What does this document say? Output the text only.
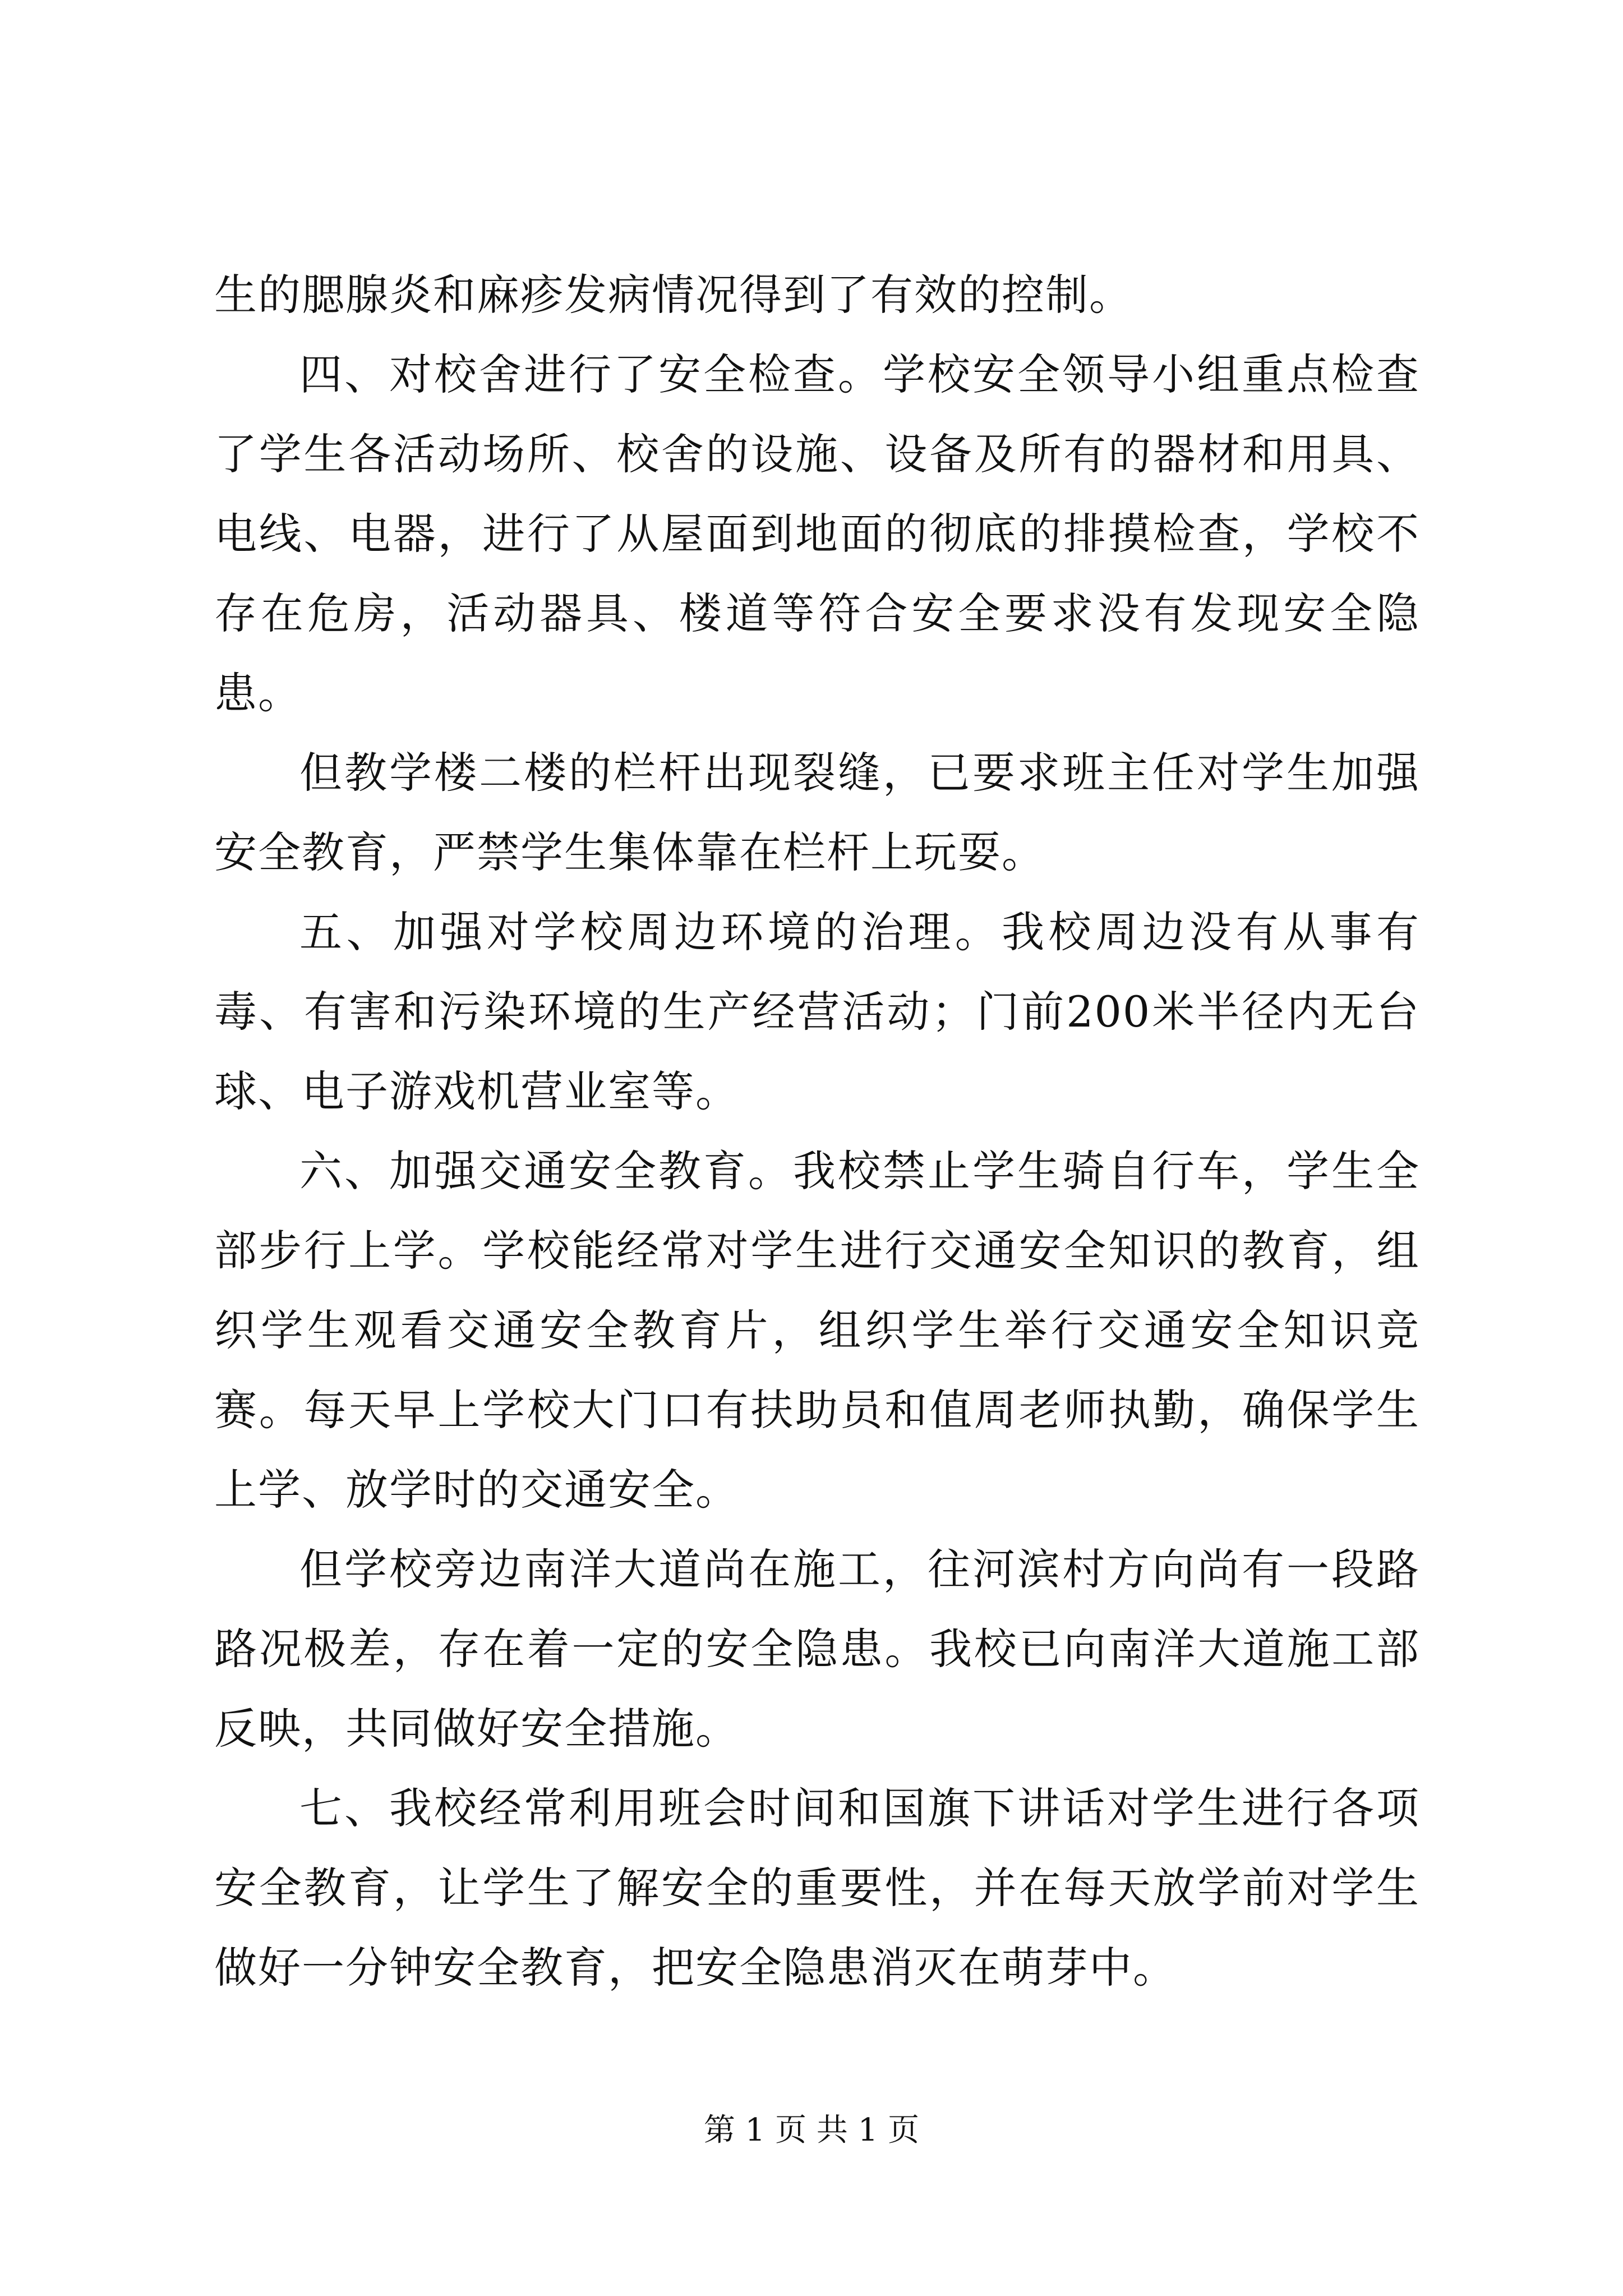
生的腮腺炎和麻疹发病情况得到了有效的控制。

四、对校舍进行了安全检查。学校安全领导小组重点检查了学生各活动场所、校舍的设施、设备及所有的器材和用具、电线、电器，进行了从屋面到地面的彻底的排摸检查，学校不存在危房，活动器具、楼道等符合安全要求没有发现安全隐患。

但教学楼二楼的栏杆出现裂缝，已要求班主任对学生加强安全教育，严禁学生集体靠在栏杆上玩耍。

五、加强对学校周边环境的治理。我校周边没有从事有毒、有害和污染环境的生产经营活动；门前200米半径内无台球、电子游戏机营业室等。

六、加强交通安全教育。我校禁止学生骑自行车，学生全部步行上学。学校能经常对学生进行交通安全知识的教育，组织学生观看交通安全教育片，组织学生举行交通安全知识竞赛。每天早上学校大门口有扶助员和值周老师执勤，确保学生上学、放学时的交通安全。

但学校旁边南洋大道尚在施工，往河滨村方向尚有一段路路况极差，存在着一定的安全隐患。我校已向南洋大道施工部反映，共同做好安全措施。

七、我校经常利用班会时间和国旗下讲话对学生进行各项安全教育，让学生了解安全的重要性，并在每天放学前对学生做好一分钟安全教育，把安全隐患消灭在萌芽中。

第 1 页 共 1 页
